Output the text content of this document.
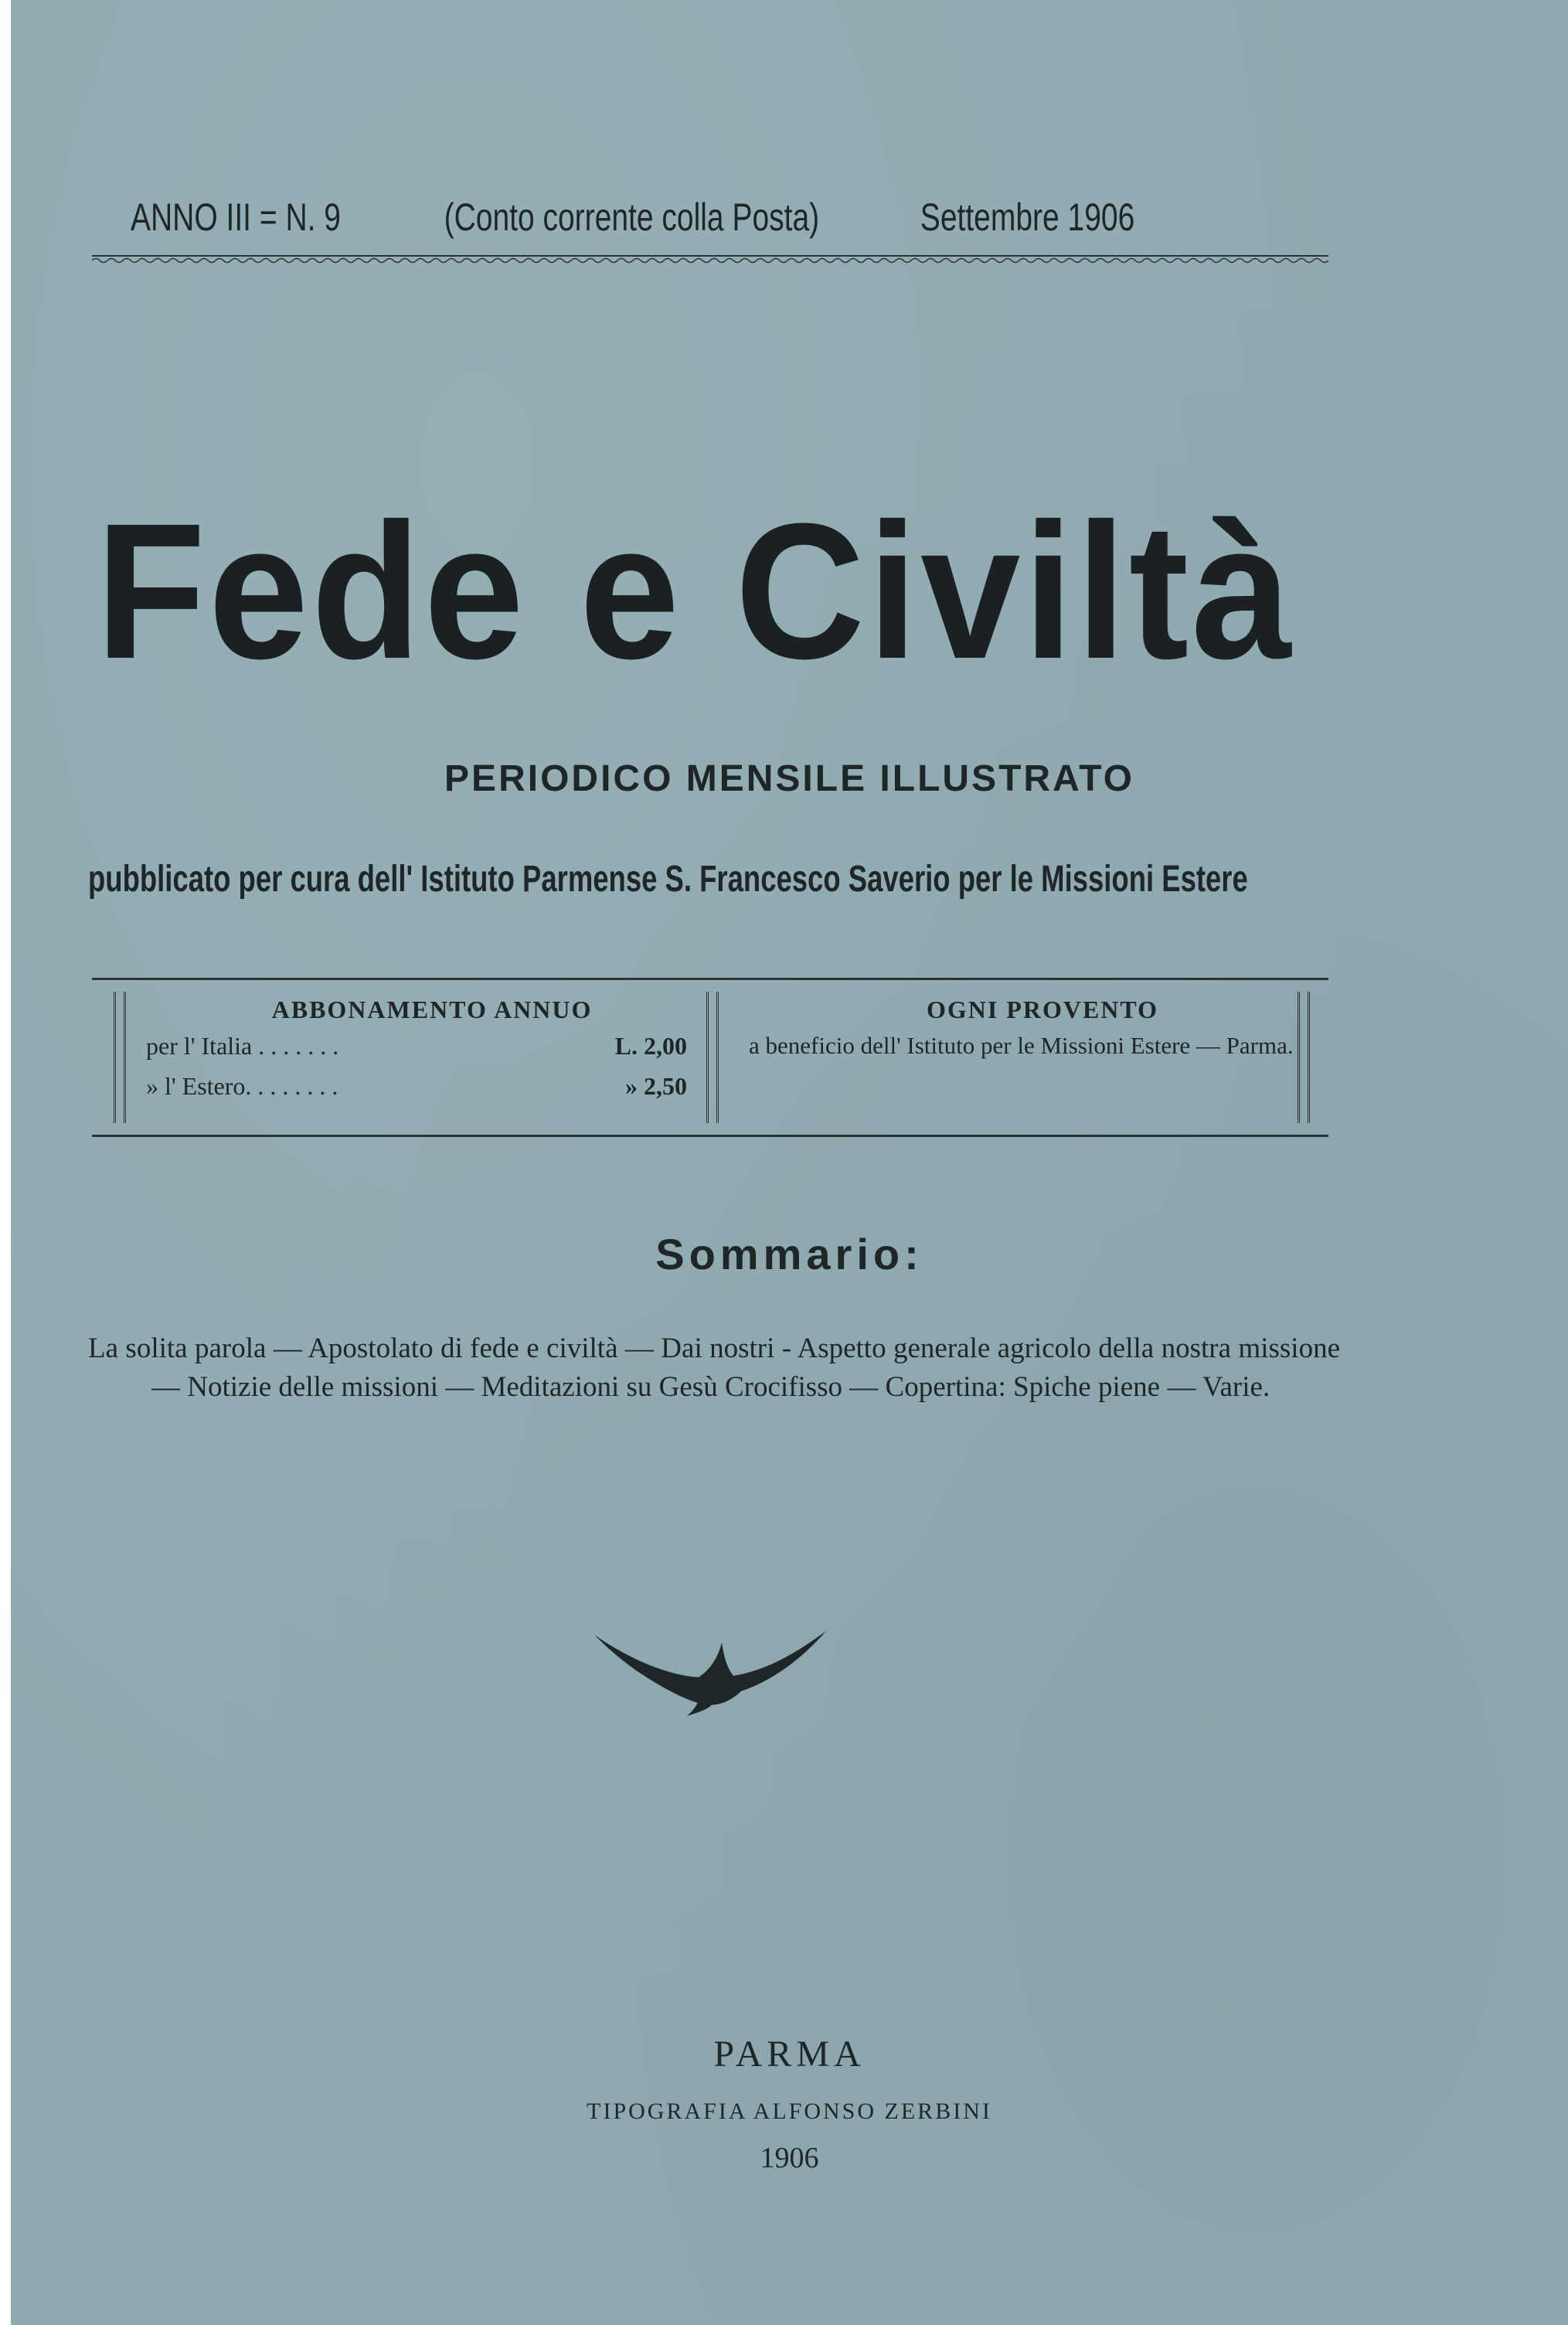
ANNO III = N. 9	(Conto corrente colla Posta)	Settembre 1906
Fede e Civiltà
PERIODICO MENSILE ILLUSTRATO
pubblicato per cura dell' Istituto Parmense S. Francesco Saverio per le Missioni Estere
ABBONAMENTO ANNUO
per l' Italia . . . . . . .	L. 2,00
» l' Estero. . . . . . . .	» 2,50
OGNI PROVENTO
a beneficio dell' Istituto per le Missioni Estere — Parma.
Sommario:

La solita parola — Apostolato di fede e civiltà — Dai nostri - Aspetto generale agricolo della nostra missione — Notizie delle missioni — Meditazioni su Gesù Crocifisso — Copertina: Spiche piene — Varie.

PARMA
TIPOGRAFIA ALFONSO ZERBINI
1906
